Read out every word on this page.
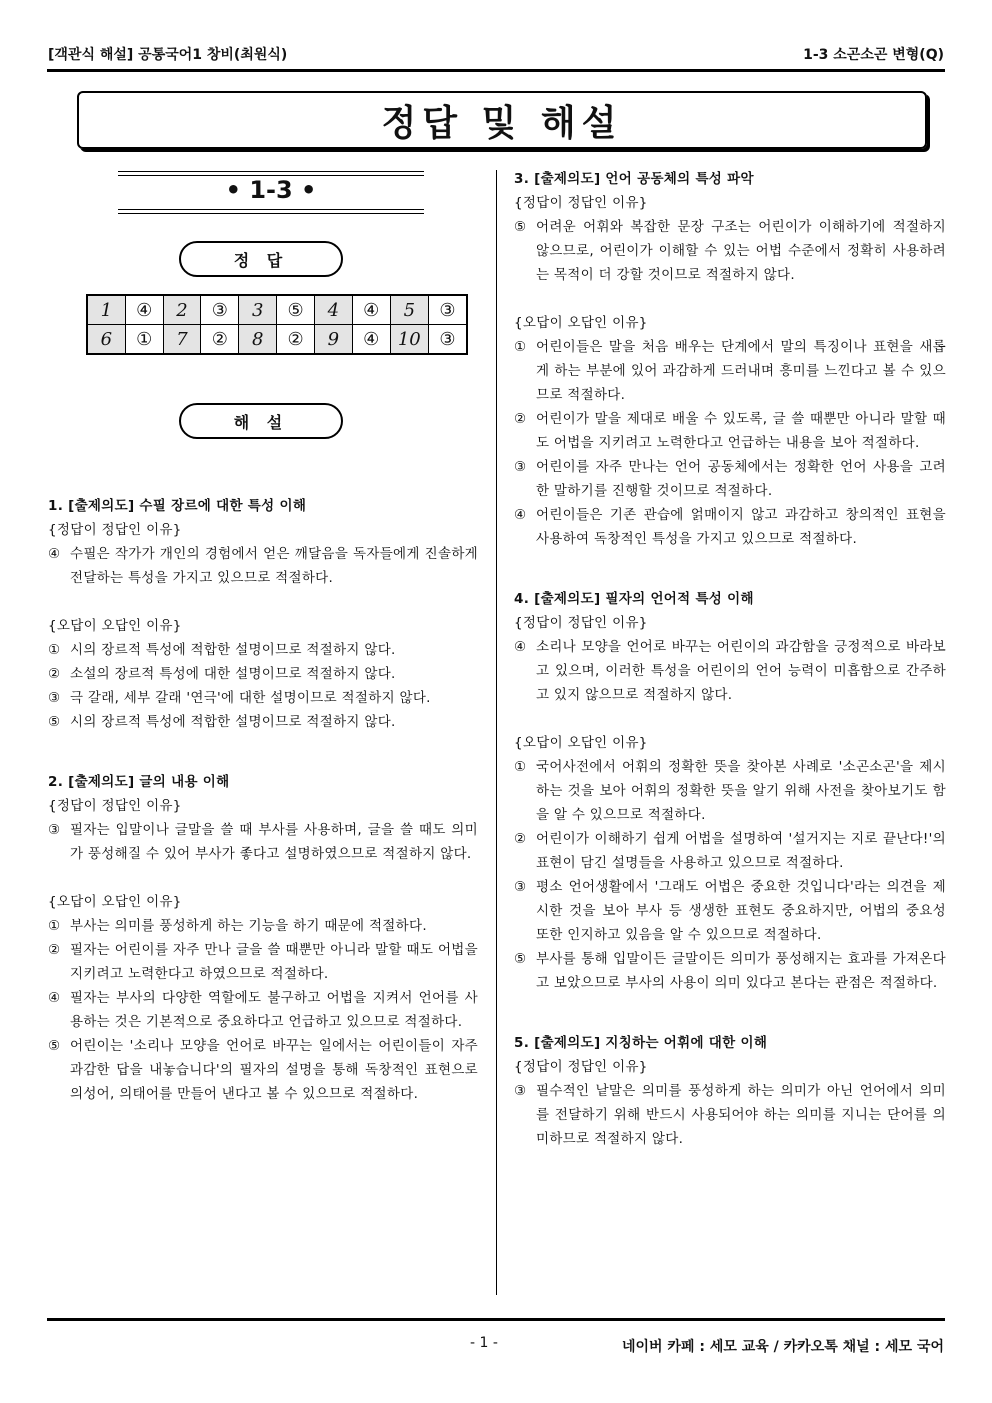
[객관식 해설] 공통국어1 창비(최원식)	1-3 소곤소곤 변형(Q)
정답 및 해설
• 1-3 •
정 답
1	④	2	③	3	⑤	4	④	5	③
6	①	7	②	8	②	9	④	10	③
해 설
1. [출제의도] 수필 장르에 대한 특성 이해
{정답이 정답인 이유}
④ 수필은 작가가 개인의 경험에서 얻은 깨달음을 독자들에게 진솔하게 전달하는 특성을 가지고 있으므로 적절하다.
{오답이 오답인 이유}
① 시의 장르적 특성에 적합한 설명이므로 적절하지 않다.
② 소설의 장르적 특성에 대한 설명이므로 적절하지 않다.
③ 극 갈래, 세부 갈래 '연극'에 대한 설명이므로 적절하지 않다.
⑤ 시의 장르적 특성에 적합한 설명이므로 적절하지 않다.
2. [출제의도] 글의 내용 이해
{정답이 정답인 이유}
③ 필자는 입말이나 글말을 쓸 때 부사를 사용하며, 글을 쓸 때도 의미가 풍성해질 수 있어 부사가 좋다고 설명하였으므로 적절하지 않다.
{오답이 오답인 이유}
① 부사는 의미를 풍성하게 하는 기능을 하기 때문에 적절하다.
② 필자는 어린이를 자주 만나 글을 쓸 때뿐만 아니라 말할 때도 어법을 지키려고 노력한다고 하였으므로 적절하다.
④ 필자는 부사의 다양한 역할에도 불구하고 어법을 지켜서 언어를 사용하는 것은 기본적으로 중요하다고 언급하고 있으므로 적절하다.
⑤ 어린이는 '소리나 모양을 언어로 바꾸는 일에서는 어린이들이 자주 과감한 답을 내놓습니다'의 필자의 설명을 통해 독창적인 표현으로 의성어, 의태어를 만들어 낸다고 볼 수 있으므로 적절하다.
3. [출제의도] 언어 공동체의 특성 파악
{정답이 정답인 이유}
⑤ 어려운 어휘와 복잡한 문장 구조는 어린이가 이해하기에 적절하지 않으므로, 어린이가 이해할 수 있는 어법 수준에서 정확히 사용하려는 목적이 더 강할 것이므로 적절하지 않다.
{오답이 오답인 이유}
① 어린이들은 말을 처음 배우는 단계에서 말의 특징이나 표현을 새롭게 하는 부분에 있어 과감하게 드러내며 흥미를 느낀다고 볼 수 있으므로 적절하다.
② 어린이가 말을 제대로 배울 수 있도록, 글 쓸 때뿐만 아니라 말할 때도 어법을 지키려고 노력한다고 언급하는 내용을 보아 적절하다.
③ 어린이를 자주 만나는 언어 공동체에서는 정확한 언어 사용을 고려한 말하기를 진행할 것이므로 적절하다.
④ 어린이들은 기존 관습에 얽매이지 않고 과감하고 창의적인 표현을 사용하여 독창적인 특성을 가지고 있으므로 적절하다.
4. [출제의도] 필자의 언어적 특성 이해
{정답이 정답인 이유}
④ 소리나 모양을 언어로 바꾸는 어린이의 과감함을 긍정적으로 바라보고 있으며, 이러한 특성을 어린이의 언어 능력이 미흡함으로 간주하고 있지 않으므로 적절하지 않다.
{오답이 오답인 이유}
① 국어사전에서 어휘의 정확한 뜻을 찾아본 사례로 '소곤소곤'을 제시하는 것을 보아 어휘의 정확한 뜻을 알기 위해 사전을 찾아보기도 함을 알 수 있으므로 적절하다.
② 어린이가 이해하기 쉽게 어법을 설명하여 '설거지는 지로 끝난다!'의 표현이 담긴 설명들을 사용하고 있으므로 적절하다.
③ 평소 언어생활에서 '그래도 어법은 중요한 것입니다'라는 의견을 제시한 것을 보아 부사 등 생생한 표현도 중요하지만, 어법의 중요성 또한 인지하고 있음을 알 수 있으므로 적절하다.
⑤ 부사를 통해 입말이든 글말이든 의미가 풍성해지는 효과를 가져온다고 보았으므로 부사의 사용이 의미 있다고 본다는 관점은 적절하다.
5. [출제의도] 지칭하는 어휘에 대한 이해
{정답이 정답인 이유}
③ 필수적인 낱말은 의미를 풍성하게 하는 의미가 아닌 언어에서 의미를 전달하기 위해 반드시 사용되어야 하는 의미를 지니는 단어를 의미하므로 적절하지 않다.
- 1 -	네이버 카페 : 세모 교육 / 카카오톡 채널 : 세모 국어
